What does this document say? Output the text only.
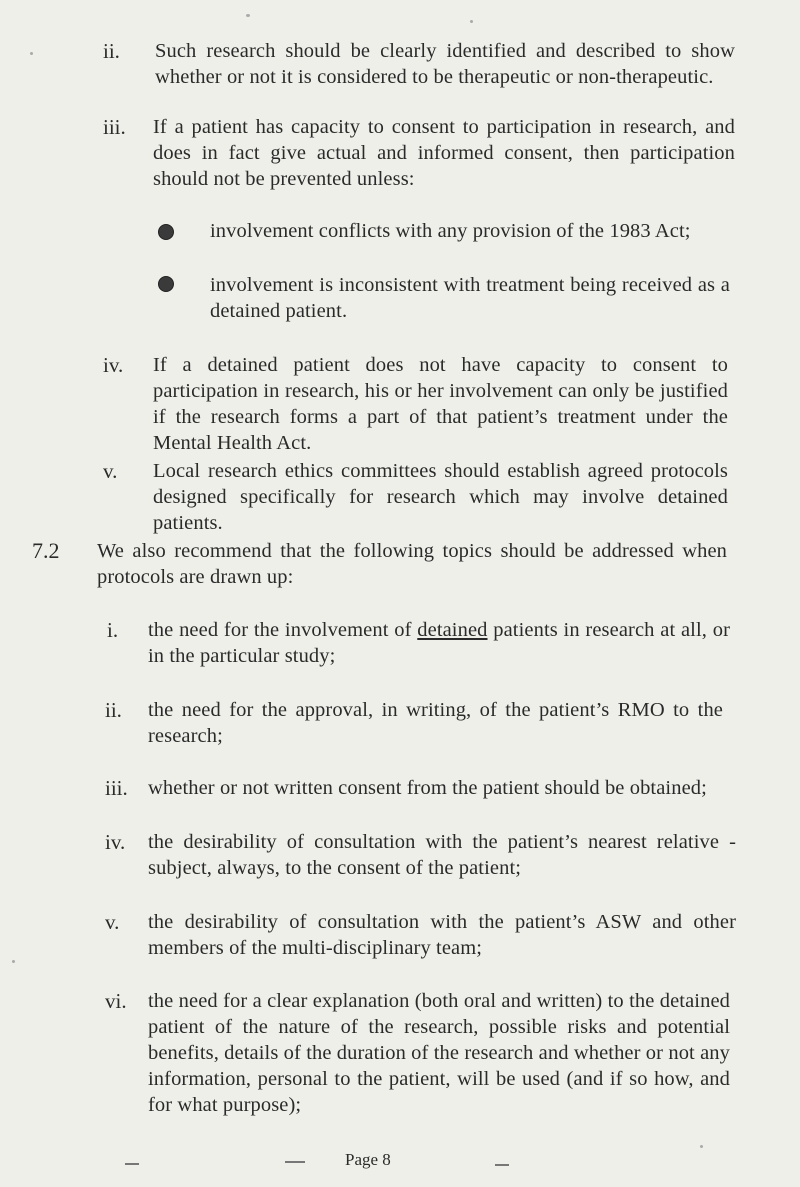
ii. Such research should be clearly identified and described to show whether or not it is considered to be therapeutic or non-therapeutic.
iii. If a patient has capacity to consent to participation in research, and does in fact give actual and informed consent, then participation should not be prevented unless:
involvement conflicts with any provision of the 1983 Act;
involvement is inconsistent with treatment being received as a detained patient.
iv. If a detained patient does not have capacity to consent to participation in research, his or her involvement can only be justified if the research forms a part of that patient’s treatment under the Mental Health Act.
v. Local research ethics committees should establish agreed protocols designed specifically for research which may involve detained patients.
7.2 We also recommend that the following topics should be addressed when protocols are drawn up:
i. the need for the involvement of detained patients in research at all, or in the particular study;
ii. the need for the approval, in writing, of the patient’s RMO to the research;
iii. whether or not written consent from the patient should be obtained;
iv. the desirability of consultation with the patient’s nearest relative - subject, always, to the consent of the patient;
v. the desirability of consultation with the patient’s ASW and other members of the multi-disciplinary team;
vi. the need for a clear explanation (both oral and written) to the detained patient of the nature of the research, possible risks and potential benefits, details of the duration of the research and whether or not any information, personal to the patient, will be used (and if so how, and for what purpose);
Page 8
